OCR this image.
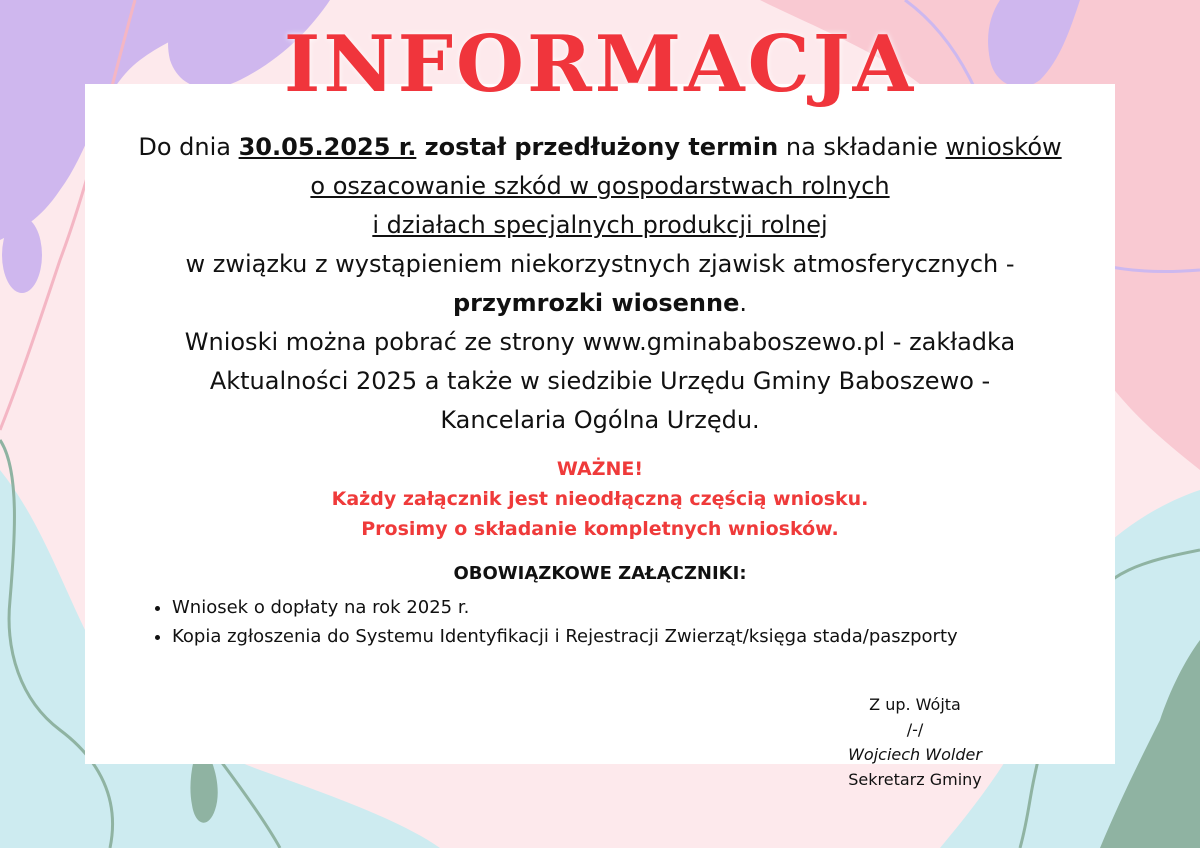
INFORMACJA

Do dnia 30.05.2025 r. został przedłużony termin na składanie wniosków

o oszacowanie szkód w gospodarstwach rolnych

i działach specjalnych produkcji rolnej

w związku z wystąpieniem niekorzystnych zjawisk atmosferycznych -

przymrozki wiosenne.

Wnioski można pobrać ze strony www.gminababoszewo.pl - zakładka

Aktualności 2025 a także w siedzibie Urzędu Gminy Baboszewo -

Kancelaria Ogólna Urzędu.

WAŻNE!

Każdy załącznik jest nieodłączną częścią wniosku.

Prosimy o składanie kompletnych wniosków.

OBOWIĄZKOWE ZAŁĄCZNIKI:
• Wniosek o dopłaty na rok 2025 r.
• Kopia zgłoszenia do Systemu Identyfikacji i Rejestracji Zwierząt/księga stada/paszporty

Z up. Wójta

/-/

Wojciech Wolder

Sekretarz Gminy
